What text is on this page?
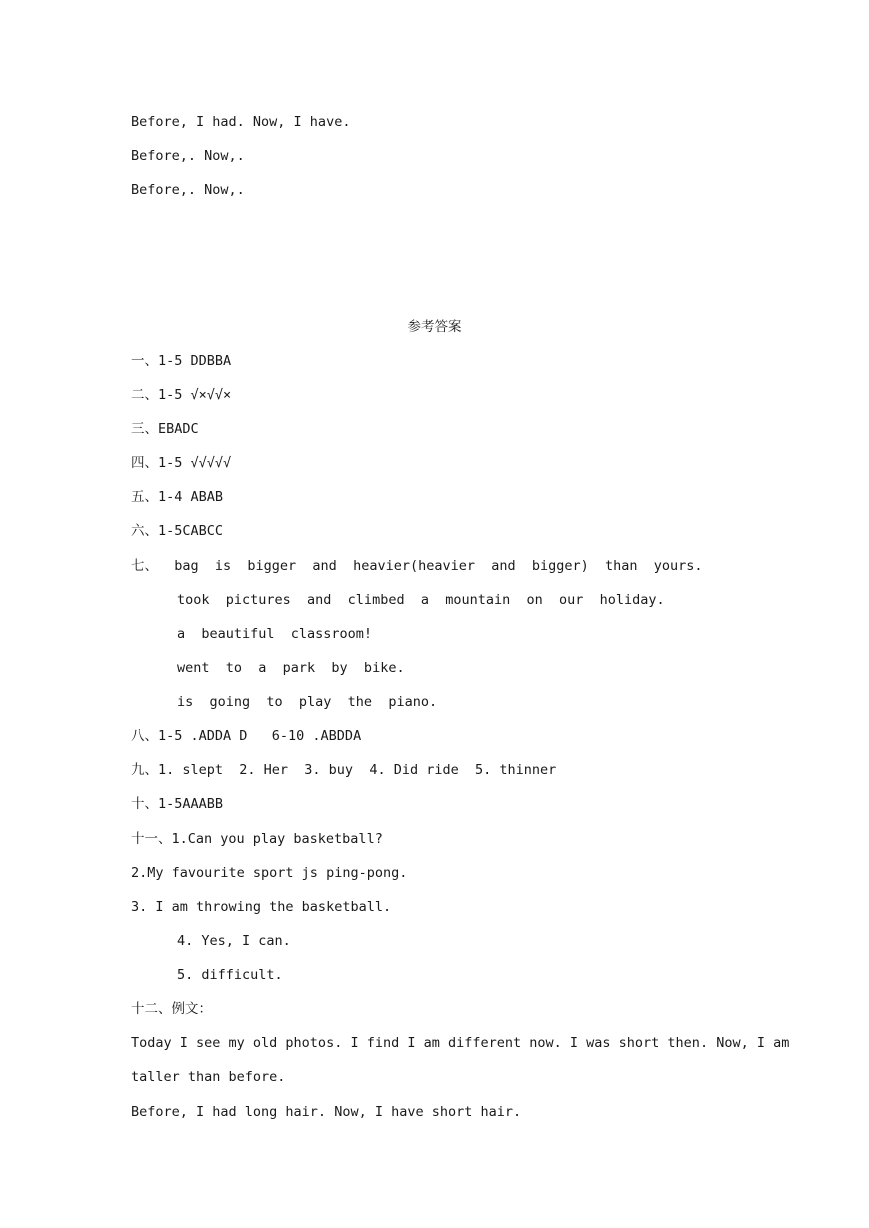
Before, I had. Now, I have.
Before,. Now,.
Before,. Now,.
参考答案
一、1-5 DDBBA
二、1-5 √×√√×
三、EBADC
四、1-5 √√√√√
五、1-4 ABAB
六、1-5CABCC
七、  bag  is  bigger  and  heavier(heavier  and  bigger)  than  yours.
took  pictures  and  climbed  a  mountain  on  our  holiday.
a  beautiful  classroom!
went  to  a  park  by  bike.
is  going  to  play  the  piano.
八、1-5 .ADDA D   6-10 .ABDDA
九、1. slept  2. Her  3. buy  4. Did ride  5. thinner
十、1-5AAABB
十一、1.Can you play basketball?
2.My favourite sport js ping-pong.
3. I am throwing the basketball.
4. Yes, I can.
5. difficult.
十二、例文：
Today I see my old photos. I find I am different now. I was short then. Now, I am
taller than before.
Before, I had long hair. Now, I have short hair.
